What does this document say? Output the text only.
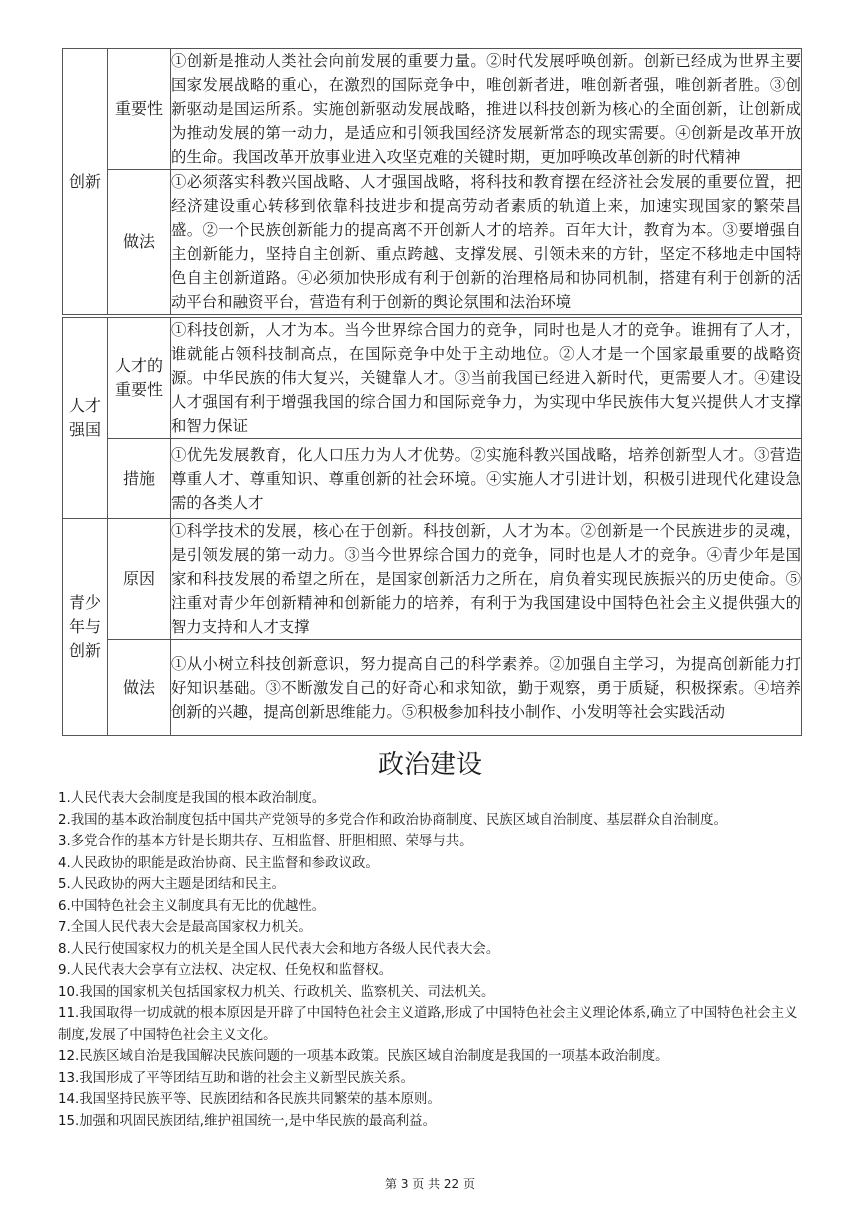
创新	重要性	①创新是推动人类社会向前发展的重要力量。②时代发展呼唤创新。创新已经成为世界主要国家发展战略的重心，在激烈的国际竞争中，唯创新者进，唯创新者强，唯创新者胜。③创新驱动是国运所系。实施创新驱动发展战略，推进以科技创新为核心的全面创新，让创新成为推动发展的第一动力，是适应和引领我国经济发展新常态的现实需要。④创新是改革开放的生命。我国改革开放事业进入攻坚克难的关键时期，更加呼唤改革创新的时代精神
	做法	①必须落实科教兴国战略、人才强国战略，将科技和教育摆在经济社会发展的重要位置，把经济建设重心转移到依靠科技进步和提高劳动者素质的轨道上来，加速实现国家的繁荣昌盛。②一个民族创新能力的提高离不开创新人才的培养。百年大计，教育为本。③要增强自主创新能力，坚持自主创新、重点跨越、支撑发展、引领未来的方针，坚定不移地走中国特色自主创新道路。④必须加快形成有利于创新的治理格局和协同机制，搭建有利于创新的活动平台和融资平台，营造有利于创新的舆论氛围和法治环境
人才强国	人才的重要性	①科技创新，人才为本。当今世界综合国力的竞争，同时也是人才的竞争。谁拥有了人才，谁就能占领科技制高点，在国际竞争中处于主动地位。②人才是一个国家最重要的战略资源。中华民族的伟大复兴，关键靠人才。③当前我国已经进入新时代，更需要人才。④建设人才强国有利于增强我国的综合国力和国际竞争力，为实现中华民族伟大复兴提供人才支撑和智力保证
	措施	①优先发展教育，化人口压力为人才优势。②实施科教兴国战略，培养创新型人才。③营造尊重人才、尊重知识、尊重创新的社会环境。④实施人才引进计划，积极引进现代化建设急需的各类人才
青少年与创新	原因	①科学技术的发展，核心在于创新。科技创新，人才为本。②创新是一个民族进步的灵魂，是引领发展的第一动力。③当今世界综合国力的竞争，同时也是人才的竞争。④青少年是国家和科技发展的希望之所在，是国家创新活力之所在，肩负着实现民族振兴的历史使命。⑤注重对青少年创新精神和创新能力的培养，有利于为我国建设中国特色社会主义提供强大的智力支持和人才支撑
	做法	①从小树立科技创新意识，努力提高自己的科学素养。②加强自主学习，为提高创新能力打好知识基础。③不断激发自己的好奇心和求知欲，勤于观察，勇于质疑，积极探索。④培养创新的兴趣，提高创新思维能力。⑤积极参加科技小制作、小发明等社会实践活动
政治建设
1.人民代表大会制度是我国的根本政治制度。
2.我国的基本政治制度包括中国共产党领导的多党合作和政治协商制度、民族区域自治制度、基层群众自治制度。
3.多党合作的基本方针是长期共存、互相监督、肝胆相照、荣辱与共。
4.人民政协的职能是政治协商、民主监督和参政议政。
5.人民政协的两大主题是团结和民主。
6.中国特色社会主义制度具有无比的优越性。
7.全国人民代表大会是最高国家权力机关。
8.人民行使国家权力的机关是全国人民代表大会和地方各级人民代表大会。
9.人民代表大会享有立法权、决定权、任免权和监督权。
10.我国的国家机关包括国家权力机关、行政机关、监察机关、司法机关。
11.我国取得一切成就的根本原因是开辟了中国特色社会主义道路,形成了中国特色社会主义理论体系,确立了中国特色社会主义制度,发展了中国特色社会主义文化。
12.民族区域自治是我国解决民族问题的一项基本政策。民族区域自治制度是我国的一项基本政治制度。
13.我国形成了平等团结互助和谐的社会主义新型民族关系。
14.我国坚持民族平等、民族团结和各民族共同繁荣的基本原则。
15.加强和巩固民族团结,维护祖国统一,是中华民族的最高利益。
第 3 页 共 22 页
